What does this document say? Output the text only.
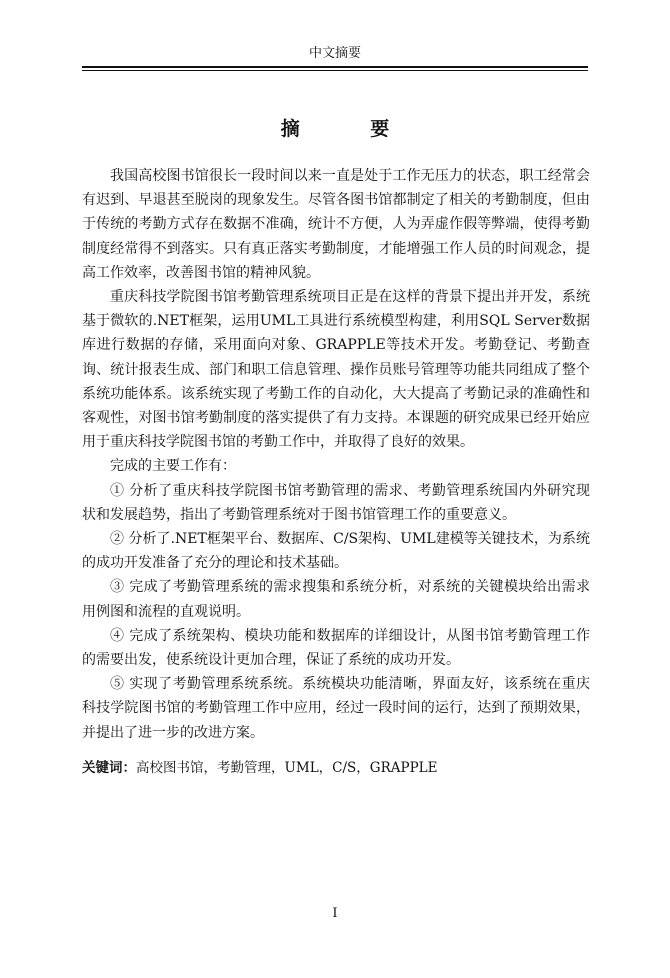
中文摘要
摘 要

我国高校图书馆很长一段时间以来一直是处于工作无压力的状态，职工经常会有迟到、早退甚至脱岗的现象发生。尽管各图书馆都制定了相关的考勤制度，但由于传统的考勤方式存在数据不准确，统计不方便，人为弄虚作假等弊端，使得考勤制度经常得不到落实。只有真正落实考勤制度，才能增强工作人员的时间观念，提高工作效率，改善图书馆的精神风貌。

重庆科技学院图书馆考勤管理系统项目正是在这样的背景下提出并开发，系统基于微软的.NET框架，运用UML工具进行系统模型构建，利用SQL Server数据库进行数据的存储，采用面向对象、GRAPPLE等技术开发。考勤登记、考勤查询、统计报表生成、部门和职工信息管理、操作员账号管理等功能共同组成了整个系统功能体系。该系统实现了考勤工作的自动化，大大提高了考勤记录的准确性和客观性，对图书馆考勤制度的落实提供了有力支持。本课题的研究成果已经开始应用于重庆科技学院图书馆的考勤工作中，并取得了良好的效果。

完成的主要工作有：

① 分析了重庆科技学院图书馆考勤管理的需求、考勤管理系统国内外研究现状和发展趋势，指出了考勤管理系统对于图书馆管理工作的重要意义。

② 分析了.NET框架平台、数据库、C/S架构、UML建模等关键技术，为系统的成功开发准备了充分的理论和技术基础。

③ 完成了考勤管理系统的需求搜集和系统分析，对系统的关键模块给出需求用例图和流程的直观说明。

④ 完成了系统架构、模块功能和数据库的详细设计，从图书馆考勤管理工作的需要出发，使系统设计更加合理，保证了系统的成功开发。

⑤ 实现了考勤管理系统系统。系统模块功能清晰，界面友好，该系统在重庆科技学院图书馆的考勤管理工作中应用，经过一段时间的运行，达到了预期效果，并提出了进一步的改进方案。

关键词：高校图书馆，考勤管理，UML，C/S，GRAPPLE
I
